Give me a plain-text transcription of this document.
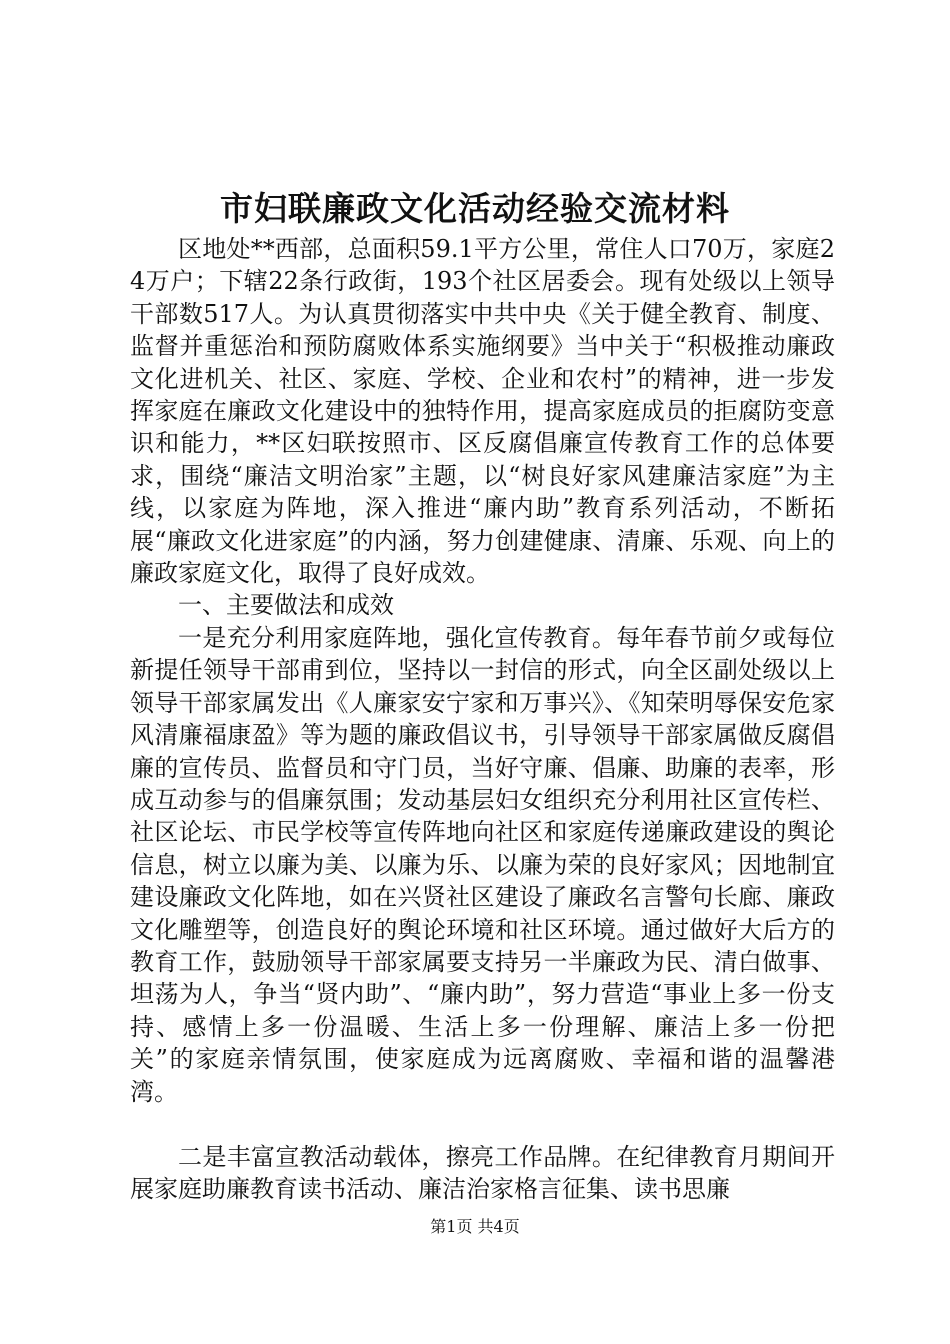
市妇联廉政文化活动经验交流材料

区地处**西部，总面积59.1平方公里，常住人口70万，家庭24万户；下辖22条行政街，193个社区居委会。现有处级以上领导干部数517人。为认真贯彻落实中共中央《关于健全教育、制度、监督并重惩治和预防腐败体系实施纲要》当中关于“积极推动廉政文化进机关、社区、家庭、学校、企业和农村”的精神，进一步发挥家庭在廉政文化建设中的独特作用，提高家庭成员的拒腐防变意识和能力，**区妇联按照市、区反腐倡廉宣传教育工作的总体要求，围绕“廉洁文明治家”主题，以“树良好家风建廉洁家庭”为主线，以家庭为阵地，深入推进“廉内助”教育系列活动，不断拓展“廉政文化进家庭”的内涵，努力创建健康、清廉、乐观、向上的廉政家庭文化，取得了良好成效。

一、主要做法和成效

一是充分利用家庭阵地，强化宣传教育。每年春节前夕或每位新提任领导干部甫到位，坚持以一封信的形式，向全区副处级以上领导干部家属发出《人廉家安宁家和万事兴》、《知荣明辱保安危家风清廉福康盈》等为题的廉政倡议书，引导领导干部家属做反腐倡廉的宣传员、监督员和守门员，当好守廉、倡廉、助廉的表率，形成互动参与的倡廉氛围；发动基层妇女组织充分利用社区宣传栏、社区论坛、市民学校等宣传阵地向社区和家庭传递廉政建设的舆论信息，树立以廉为美、以廉为乐、以廉为荣的良好家风；因地制宜建设廉政文化阵地，如在兴贤社区建设了廉政名言警句长廊、廉政文化雕塑等，创造良好的舆论环境和社区环境。通过做好大后方的教育工作，鼓励领导干部家属要支持另一半廉政为民、清白做事、坦荡为人，争当“贤内助”、“廉内助”，努力营造“事业上多一份支持、感情上多一份温暖、生活上多一份理解、廉洁上多一份把关”的家庭亲情氛围，使家庭成为远离腐败、幸福和谐的温馨港湾。

二是丰富宣教活动载体，擦亮工作品牌。在纪律教育月期间开展家庭助廉教育读书活动、廉洁治家格言征集、读书思廉

第1页 共4页
